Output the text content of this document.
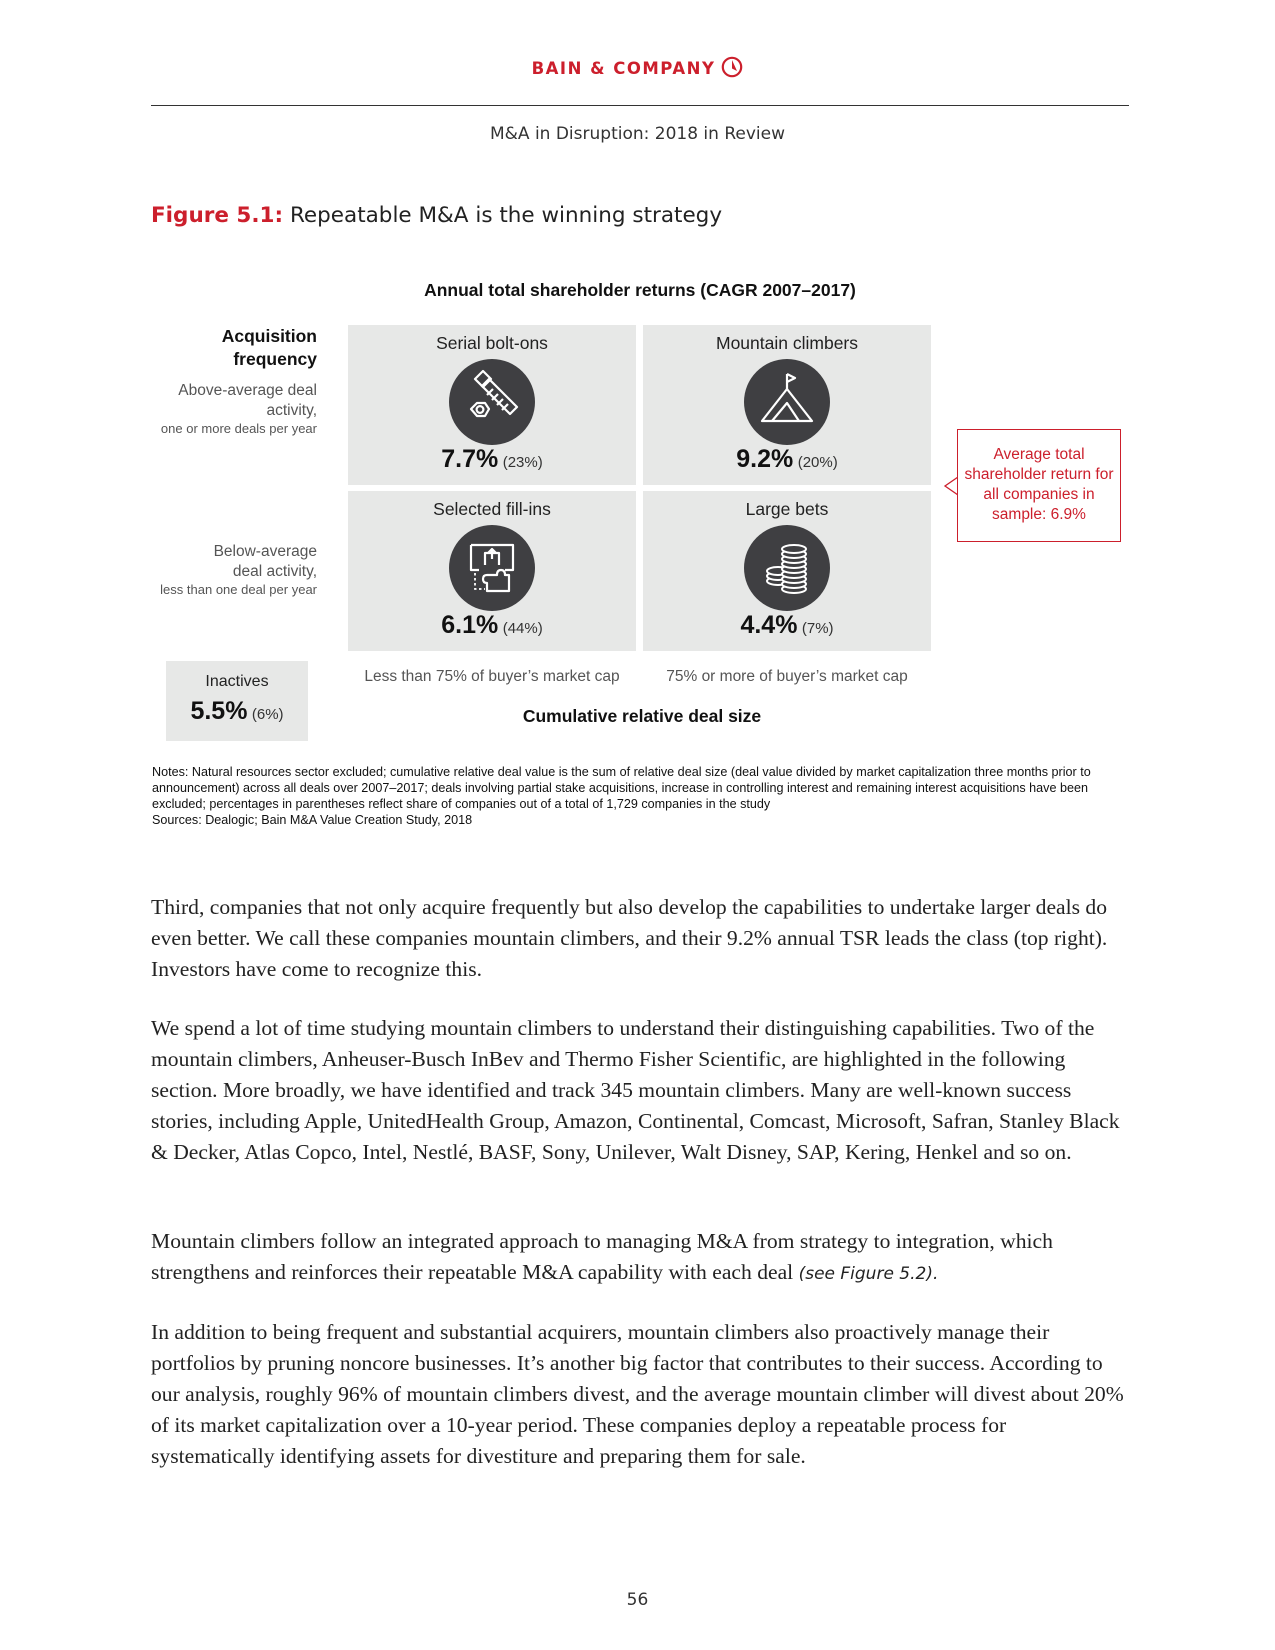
BAIN & COMPANY
M&A in Disruption: 2018 in Review
Figure 5.1: Repeatable M&A is the winning strategy
Annual total shareholder returns (CAGR 2007–2017)
Acquisition frequency
Above-average deal activity,
one or more deals per year
Below-average deal activity,
less than one deal per year
Serial bolt-ons
7.7% (23%)
Mountain climbers
9.2% (20%)
Selected fill-ins
6.1% (44%)
Large bets
4.4% (7%)
Average total shareholder return for all companies in sample: 6.9%
Inactives
5.5% (6%)
Less than 75% of buyer’s market cap	75% or more of buyer’s market cap
Cumulative relative deal size
Notes: Natural resources sector excluded; cumulative relative deal value is the sum of relative deal size (deal value divided by market capitalization three months prior to announcement) across all deals over 2007–2017; deals involving partial stake acquisitions, increase in controlling interest and remaining interest acquisitions have been excluded; percentages in parentheses reflect share of companies out of a total of 1,729 companies in the study
Sources: Dealogic; Bain M&A Value Creation Study, 2018

Third, companies that not only acquire frequently but also develop the capabilities to undertake larger deals do even better. We call these companies mountain climbers, and their 9.2% annual TSR leads the class (top right). Investors have come to recognize this.

We spend a lot of time studying mountain climbers to understand their distinguishing capabilities. Two of the mountain climbers, Anheuser-Busch InBev and Thermo Fisher Scientific, are highlighted in the following section. More broadly, we have identified and track 345 mountain climbers. Many are well-known success stories, including Apple, UnitedHealth Group, Amazon, Continental, Comcast, Microsoft, Safran, Stanley Black & Decker, Atlas Copco, Intel, Nestlé, BASF, Sony, Unilever, Walt Disney, SAP, Kering, Henkel and so on.

Mountain climbers follow an integrated approach to managing M&A from strategy to integration, which strengthens and reinforces their repeatable M&A capability with each deal (see Figure 5.2).

In addition to being frequent and substantial acquirers, mountain climbers also proactively manage their portfolios by pruning noncore businesses. It’s another big factor that contributes to their success. According to our analysis, roughly 96% of mountain climbers divest, and the average mountain climber will divest about 20% of its market capitalization over a 10-year period. These companies deploy a repeatable process for systematically identifying assets for divestiture and preparing them for sale.

56
